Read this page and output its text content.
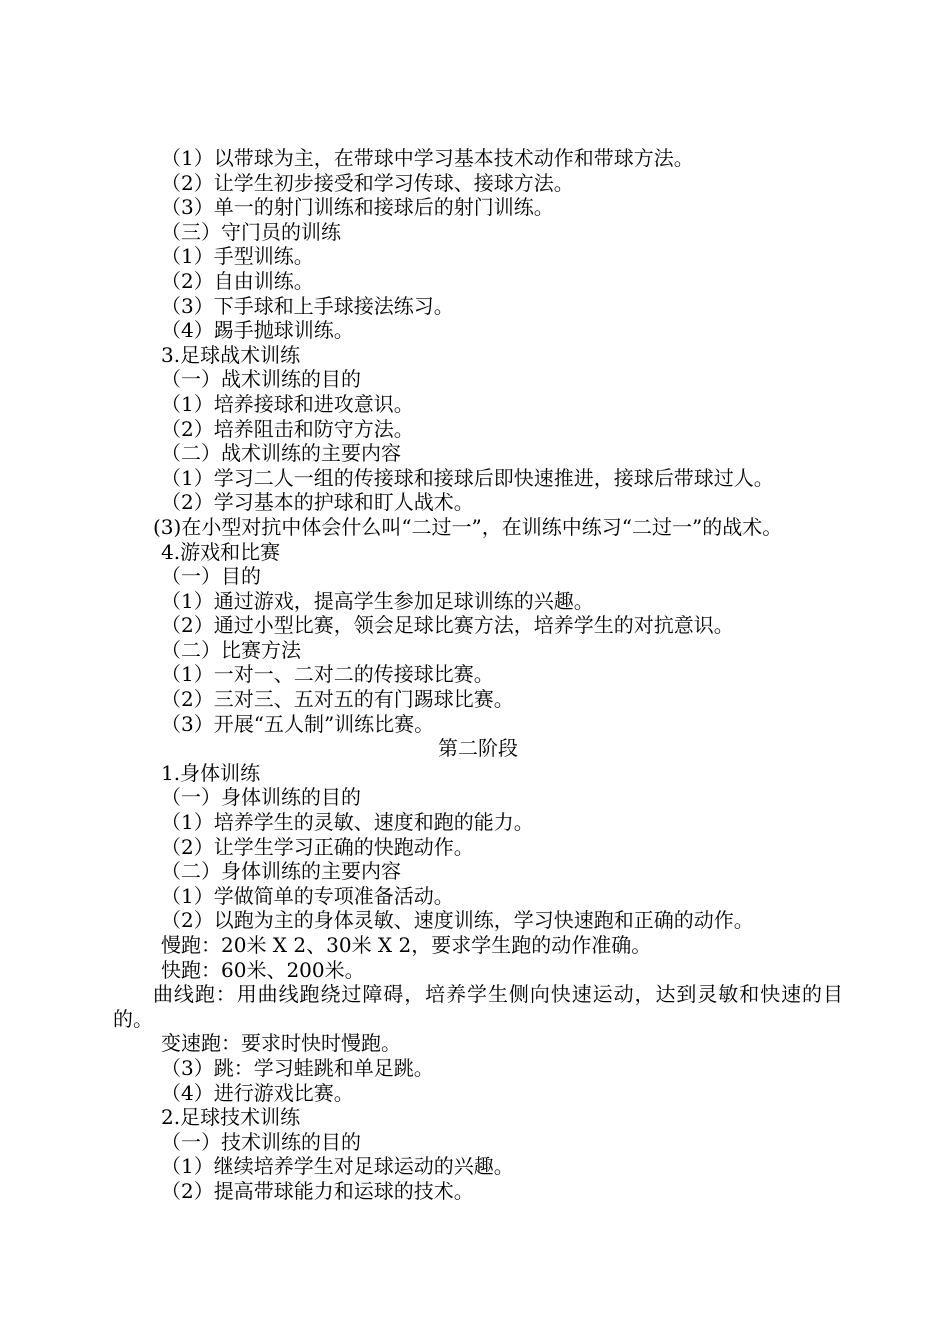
（1）以带球为主，在带球中学习基本技术动作和带球方法。
（2）让学生初步接受和学习传球、接球方法。
（3）单一的射门训练和接球后的射门训练。
（三）守门员的训练
（1）手型训练。
（2）自由训练。
（3）下手球和上手球接法练习。
（4）踢手抛球训练。
3.足球战术训练
（一）战术训练的目的
（1）培养接球和进攻意识。
（2）培养阻击和防守方法。
（二）战术训练的主要内容
（1）学习二人一组的传接球和接球后即快速推进，接球后带球过人。
（2）学习基本的护球和盯人战术。
(3)在小型对抗中体会什么叫“二过一”，在训练中练习“二过一”的战术。
4.游戏和比赛
（一）目的
（1）通过游戏，提高学生参加足球训练的兴趣。
（2）通过小型比赛，领会足球比赛方法，培养学生的对抗意识。
（二）比赛方法
（1）一对一、二对二的传接球比赛。
（2）三对三、五对五的有门踢球比赛。
（3）开展“五人制”训练比赛。
第二阶段
1.身体训练
（一）身体训练的目的
（1）培养学生的灵敏、速度和跑的能力。
（2）让学生学习正确的快跑动作。
（二）身体训练的主要内容
（1）学做简单的专项准备活动。
（2）以跑为主的身体灵敏、速度训练，学习快速跑和正确的动作。
慢跑：20米 X 2、30米 X 2，要求学生跑的动作准确。
快跑：60米、200米。
曲线跑：用曲线跑绕过障碍，培养学生侧向快速运动，达到灵敏和快速的目的。
变速跑：要求时快时慢跑。
（3）跳：学习蛙跳和单足跳。
（4）进行游戏比赛。
2.足球技术训练
（一）技术训练的目的
（1）继续培养学生对足球运动的兴趣。
（2）提高带球能力和运球的技术。
